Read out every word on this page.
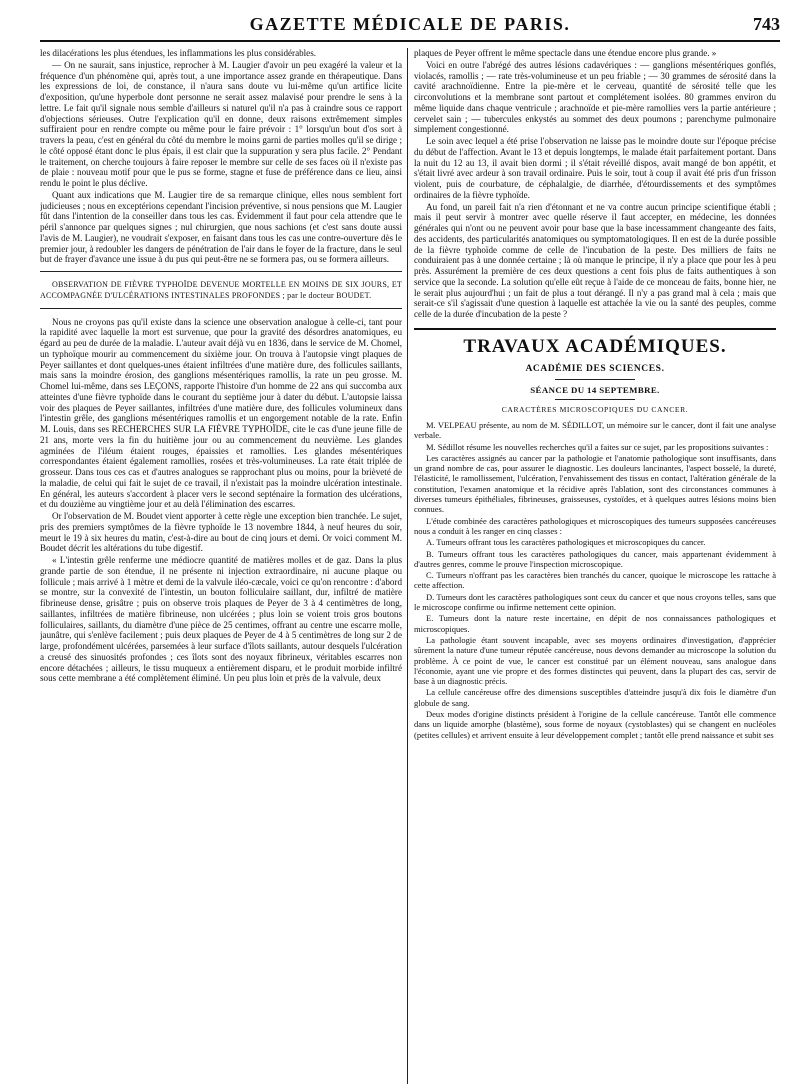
GAZETTE MÉDICALE DE PARIS.	743

les dilacérations les plus étendues, les inflammations les plus considérables.

— On ne saurait, sans injustice, reprocher à M. Laugier d'avoir un peu exagéré la valeur et la fréquence d'un phénomène qui, après tout, a une importance assez grande en thérapeutique. Dans les expressions de loi, de constance, il n'aura sans doute vu lui-même qu'un artifice licite d'exposition, qu'une hyperbole dont personne ne serait assez malavisé pour prendre le sens à la lettre. Le fait qu'il signale nous semble d'ailleurs si naturel qu'il n'a pas à craindre sous ce rapport d'objections sérieuses. Outre l'explication qu'il en donne, deux raisons extrêmement simples suffiraient pour en rendre compte ou même pour le faire prévoir : 1° lorsqu'un bout d'os sort à travers la peau, c'est en général du côté du membre le moins garni de parties molles qu'il se dirige ; le côté opposé étant donc le plus épais, il est clair que la suppuration y sera plus facile. 2° Pendant le traitement, on cherche toujours à faire reposer le membre sur celle de ses faces où il n'existe pas de plaie : nouveau motif pour que le pus se forme, stagne et fuse de préférence dans ce lieu, ainsi rendu le point le plus déclive.

Quant aux indications que M. Laugier tire de sa remarque clinique, elles nous semblent fort judicieuses ; nous en exceptérions cependant l'incision préventive, si nous pensions que M. Laugier fût dans l'intention de la conseiller dans tous les cas. Évidemment il faut pour cela attendre que le péril s'annonce par quelques signes ; nul chirurgien, que nous sachions (et c'est sans doute aussi l'avis de M. Laugier), ne voudrait s'exposer, en faisant dans tous les cas une contre-ouverture dès le premier jour, à redoubler les dangers de pénétration de l'air dans le foyer de la fracture, dans le seul but de frayer d'avance une issue à du pus qui peut-être ne se formera pas, ou se formera ailleurs.

OBSERVATION DE FIÈVRE TYPHOÏDE DEVENUE MORTELLE EN MOINS DE SIX JOURS, ET ACCOMPAGNÉE D'ULCÉRATIONS INTESTINALES PROFONDES ; par le docteur BOUDET.

Nous ne croyons pas qu'il existe dans la science une observation analogue à celle-ci, tant pour la rapidité avec laquelle la mort est survenue, que pour la gravité des désordres anatomiques, eu égard au peu de durée de la maladie. L'auteur avait déjà vu en 1836, dans le service de M. Chomel, un typhoïque mourir au commencement du sixième jour. On trouva à l'autopsie vingt plaques de Peyer saillantes et dont quelques-unes étaient infiltrées d'une matière dure, des follicules saillants, mais sans la moindre érosion, des ganglions mésentériques ramollis, la rate un peu grosse. M. Chomel lui-même, dans ses LEÇONS, rapporte l'histoire d'un homme de 22 ans qui succomba aux atteintes d'une fièvre typhoïde dans le courant du septième jour à dater du début. L'autopsie laissa voir des plaques de Peyer saillantes, infiltrées d'une matière dure, des follicules volumineux dans l'intestin grêle, des ganglions mésentériques ramollis et un engorgement notable de la rate. Enfin M. Louis, dans ses RECHERCHES SUR LA FIÈVRE TYPHOÏDE, cite le cas d'une jeune fille de 21 ans, morte vers la fin du huitième jour ou au commencement du neuvième. Les glandes agminées de l'iléum étaient rouges, épaissies et ramollies. Les glandes mésentériques correspondantes étaient également ramollies, rosées et très-volumineuses. La rate était triplée de grosseur. Dans tous ces cas et d'autres analogues se rapprochant plus ou moins, pour la brièveté de la maladie, de celui qui fait le sujet de ce travail, il n'existait pas la moindre ulcération intestinale. En général, les auteurs s'accordent à placer vers le second septénaire la formation des ulcérations, et du douzième au vingtième jour et au delà l'élimination des escarres.

Or l'observation de M. Boudet vient apporter à cette règle une exception bien tranchée. Le sujet, pris des premiers symptômes de la fièvre typhoïde le 13 novembre 1844, à neuf heures du soir, meurt le 19 à six heures du matin, c'est-à-dire au bout de cinq jours et demi. Or voici comment M. Boudet décrit les altérations du tube digestif.

« L'intestin grêle renferme une médiocre quantité de matières molles et de gaz. Dans la plus grande partie de son étendue, il ne présente ni injection extraordinaire, ni aucune plaque ou follicule ; mais arrivé à 1 mètre et demi de la valvule iléo-cæcale, voici ce qu'on rencontre : d'abord se montre, sur la convexité de l'intestin, un bouton folliculaire saillant, dur, infiltré de matière fibrineuse dense, grisâtre ; puis on observe trois plaques de Peyer de 3 à 4 centimètres de long, saillantes, infiltrées de matière fibrineuse, non ulcérées ; plus loin se voient trois gros boutons folliculaires, saillants, du diamètre d'une pièce de 25 centimes, offrant au centre une escarre molle, jaunâtre, qui s'enlève facilement ; puis deux plaques de Peyer de 4 à 5 centimètres de long sur 2 de large, profondément ulcérées, parsemées à leur surface d'îlots saillants, autour desquels l'ulcération a creusé des sinuosités profondes ; ces îlots sont des noyaux fibrineux, véritables escarres non encore détachées ; ailleurs, le tissu muqueux a entièrement disparu, et le produit morbide infiltré sous cette membrane a été complètement éliminé. Un peu plus loin et près de la valvule, deux

plaques de Peyer offrent le même spectacle dans une étendue encore plus grande. »

Voici en outre l'abrégé des autres lésions cadavériques : — ganglions mésentériques gonflés, violacés, ramollis ; — rate très-volumineuse et un peu friable ; — 30 grammes de sérosité dans la cavité arachnoïdienne. Entre la pie-mère et le cerveau, quantité de sérosité telle que les circonvolutions et la membrane sont partout et complétement isolées. 80 grammes environ du même liquide dans chaque ventricule ; arachnoïde et pie-mère ramollies vers la partie antérieure ; cervelet sain ; — tubercules enkystés au sommet des deux poumons ; parenchyme pulmonaire simplement congestionné.

Le soin avec lequel a été prise l'observation ne laisse pas le moindre doute sur l'époque précise du début de l'affection. Avant le 13 et depuis longtemps, le malade était parfaitement portant. Dans la nuit du 12 au 13, il avait bien dormi ; il s'était réveillé dispos, avait mangé de bon appétit, et s'était livré avec ardeur à son travail ordinaire. Puis le soir, tout à coup il avait été pris d'un frisson violent, puis de courbature, de céphalalgie, de diarrhée, d'étourdissements et des symptômes ordinaires de la fièvre typhoïde.

Au fond, un pareil fait n'a rien d'étonnant et ne va contre aucun principe scientifique établi ; mais il peut servir à montrer avec quelle réserve il faut accepter, en médecine, les données générales qui n'ont ou ne peuvent avoir pour base que la base incessamment changeante des faits, des accidents, des particularités anatomiques ou symptomatologiques. Il en est de la durée possible de la fièvre typhoïde comme de celle de l'incubation de la peste. Des milliers de faits ne conduiraient pas à une donnée certaine ; là où manque le principe, il n'y a place que pour les à peu près. Assurément la première de ces deux questions a cent fois plus de faits authentiques à son service que la seconde. La solution qu'elle eût reçue à l'aide de ce monceau de faits, bonne hier, ne le serait plus aujourd'hui ; un fait de plus a tout dérangé. Il n'y a pas grand mal à cela ; mais que serait-ce s'il s'agissait d'une question à laquelle est attachée la vie ou la santé des peuples, comme celle de la durée d'incubation de la peste ?

TRAVAUX ACADÉMIQUES.
ACADÉMIE DES SCIENCES.
SÉANCE DU 14 SEPTEMBRE.
CARACTÈRES MICROSCOPIQUES DU CANCER.

M. VELPEAU présente, au nom de M. SÉDILLOT, un mémoire sur le cancer, dont il fait une analyse verbale.

M. Sédillot résume les nouvelles recherches qu'il a faites sur ce sujet, par les propositions suivantes :

Les caractères assignés au cancer par la pathologie et l'anatomie pathologique sont insuffisants, dans un grand nombre de cas, pour assurer le diagnostic. Les douleurs lancinantes, l'aspect bosselé, la dureté, l'élasticité, le ramollissement, l'ulcération, l'envahissement des tissus en contact, l'altération générale de la constitution, l'examen anatomique et la récidive après l'ablation, sont des circonstances communes à diverses tumeurs épithéliales, fibrineuses, graisseuses, cystoïdes, et à quelques autres lésions moins bien connues.

L'étude combinée des caractères pathologiques et microscopiques des tumeurs supposées cancéreuses nous a conduit à les ranger en cinq classes :

A. Tumeurs offrant tous les caractères pathologiques et microscopiques du cancer.

B. Tumeurs offrant tous les caractères pathologiques du cancer, mais appartenant évidemment à d'autres genres, comme le prouve l'inspection microscopique.

C. Tumeurs n'offrant pas les caractères bien tranchés du cancer, quoique le microscope les rattache à cette affection.

D. Tumeurs dont les caractères pathologiques sont ceux du cancer et que nous croyons telles, sans que le microscope confirme ou infirme nettement cette opinion.

E. Tumeurs dont la nature reste incertaine, en dépit de nos connaissances pathologiques et microscopiques.

La pathologie étant souvent incapable, avec ses moyens ordinaires d'investigation, d'apprécier sûrement la nature d'une tumeur réputée cancéreuse, nous devons demander au microscope la solution du problème. À ce point de vue, le cancer est constitué par un élément nouveau, sans analogue dans l'économie, ayant une vie propre et des formes distinctes qui peuvent, dans la plupart des cas, servir de base à un diagnostic précis.

La cellule cancéreuse offre des dimensions susceptibles d'atteindre jusqu'à dix fois le diamètre d'un globule de sang.

Deux modes d'origine distincts président à l'origine de la cellule cancéreuse. Tantôt elle commence dans un liquide amorphe (blastème), sous forme de noyaux (cystoblastes) qui se changent en nucléoles (petites cellules) et arrivent ensuite à leur développement complet ; tantôt elle prend naissance et subit ses
